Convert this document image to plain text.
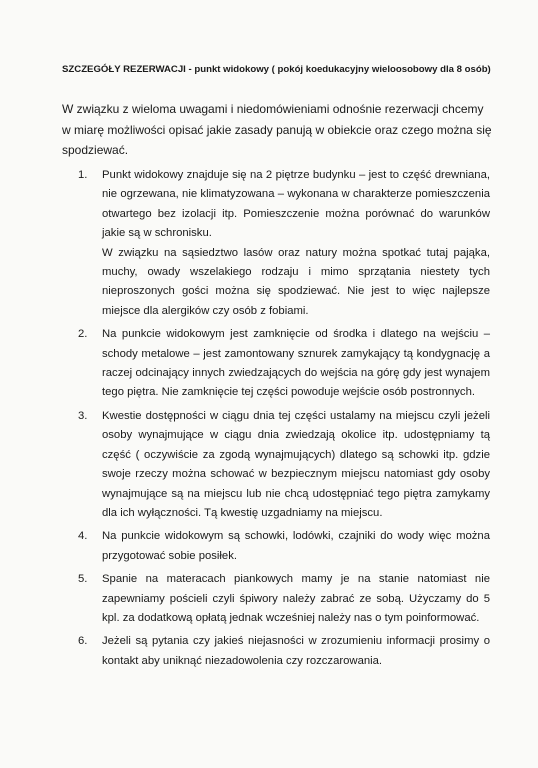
SZCZEGÓŁY REZERWACJI - punkt widokowy ( pokój koedukacyjny wieloosobowy dla 8 osób)
W związku z wieloma uwagami i niedomówieniami odnośnie rezerwacji chcemy w miarę możliwości opisać jakie zasady panują w obiekcie oraz czego można się spodziewać.
1. Punkt widokowy znajduje się na 2 piętrze budynku – jest to część drewniana, nie ogrzewana, nie klimatyzowana – wykonana w charakterze pomieszczenia otwartego bez izolacji itp. Pomieszczenie można porównać do warunków jakie są w schronisku.

W związku na sąsiedztwo lasów oraz natury można spotkać tutaj pająka, muchy, owady wszelakiego rodzaju i mimo sprzątania niestety tych nieproszonych gości można się spodziewać. Nie jest to więc najlepsze miejsce dla alergików czy osób z fobiami.

2. Na punkcie widokowym jest zamknięcie od środka i dlatego na wejściu – schody metalowe – jest zamontowany sznurek zamykający tą kondygnację a raczej odcinający innych zwiedzających do wejścia na górę gdy jest wynajem tego piętra. Nie zamknięcie tej części powoduje wejście osób postronnych.

3. Kwestie dostępności w ciągu dnia tej części ustalamy na miejscu czyli jeżeli osoby wynajmujące w ciągu dnia zwiedzają okolice itp. udostępniamy tą część ( oczywiście za zgodą wynajmujących) dlatego są schowki itp. gdzie swoje rzeczy można schować w bezpiecznym miejscu natomiast gdy osoby wynajmujące są na miejscu lub nie chcą udostępniać tego piętra zamykamy dla ich wyłączności. Tą kwestię uzgadniamy na miejscu.

4. Na punkcie widokowym są schowki, lodówki, czajniki do wody więc można przygotować sobie posiłek.

5. Spanie na materacach piankowych mamy je na stanie natomiast nie zapewniamy pościeli czyli śpiwory należy zabrać ze sobą. Użyczamy do 5 kpl. za dodatkową opłatą jednak wcześniej należy nas o tym poinformować.

6. Jeżeli są pytania czy jakieś niejasności w zrozumieniu informacji prosimy o kontakt aby uniknąć niezadowolenia czy rozczarowania.
